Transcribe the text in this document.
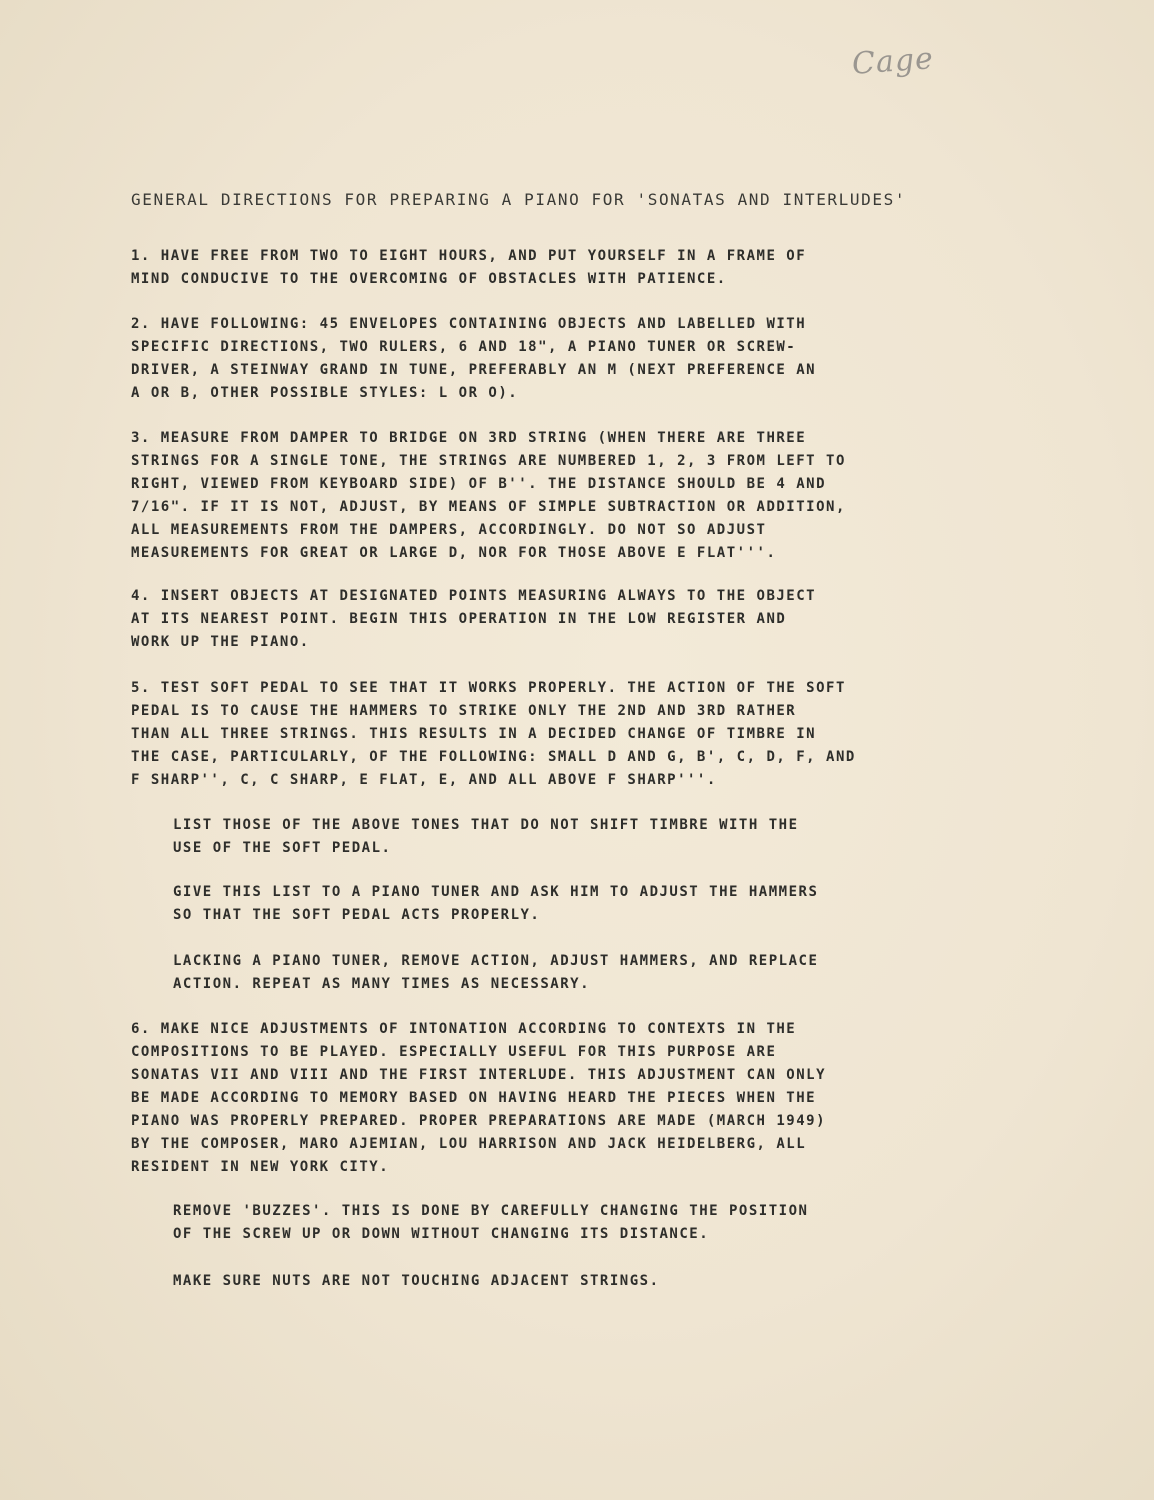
Cage
GENERAL DIRECTIONS FOR PREPARING A PIANO FOR 'SONATAS AND INTERLUDES'
1. HAVE FREE FROM TWO TO EIGHT HOURS, AND PUT YOURSELF IN A FRAME OF
MIND CONDUCIVE TO THE OVERCOMING OF OBSTACLES WITH PATIENCE.
2. HAVE FOLLOWING: 45 ENVELOPES CONTAINING OBJECTS AND LABELLED WITH
SPECIFIC DIRECTIONS, TWO RULERS, 6 AND 18", A PIANO TUNER OR SCREW-
DRIVER, A STEINWAY GRAND IN TUNE, PREFERABLY AN M (NEXT PREFERENCE AN
A OR B, OTHER POSSIBLE STYLES: L OR O).
3. MEASURE FROM DAMPER TO BRIDGE ON 3RD STRING (WHEN THERE ARE THREE
STRINGS FOR A SINGLE TONE, THE STRINGS ARE NUMBERED 1, 2, 3 FROM LEFT TO
RIGHT, VIEWED FROM KEYBOARD SIDE) OF B''. THE DISTANCE SHOULD BE 4 AND
7/16". IF IT IS NOT, ADJUST, BY MEANS OF SIMPLE SUBTRACTION OR ADDITION,
ALL MEASUREMENTS FROM THE DAMPERS, ACCORDINGLY. DO NOT SO ADJUST
MEASUREMENTS FOR GREAT OR LARGE D, NOR FOR THOSE ABOVE E FLAT'''.
4. INSERT OBJECTS AT DESIGNATED POINTS MEASURING ALWAYS TO THE OBJECT
AT ITS NEAREST POINT. BEGIN THIS OPERATION IN THE LOW REGISTER AND
WORK UP THE PIANO.
5. TEST SOFT PEDAL TO SEE THAT IT WORKS PROPERLY. THE ACTION OF THE SOFT
PEDAL IS TO CAUSE THE HAMMERS TO STRIKE ONLY THE 2ND AND 3RD RATHER
THAN ALL THREE STRINGS. THIS RESULTS IN A DECIDED CHANGE OF TIMBRE IN
THE CASE, PARTICULARLY, OF THE FOLLOWING: SMALL D AND G, B', C, D, F, AND
F SHARP'', C, C SHARP, E FLAT, E, AND ALL ABOVE F SHARP'''.
LIST THOSE OF THE ABOVE TONES THAT DO NOT SHIFT TIMBRE WITH THE
USE OF THE SOFT PEDAL.
GIVE THIS LIST TO A PIANO TUNER AND ASK HIM TO ADJUST THE HAMMERS
SO THAT THE SOFT PEDAL ACTS PROPERLY.
LACKING A PIANO TUNER, REMOVE ACTION, ADJUST HAMMERS, AND REPLACE
ACTION. REPEAT AS MANY TIMES AS NECESSARY.
6. MAKE NICE ADJUSTMENTS OF INTONATION ACCORDING TO CONTEXTS IN THE
COMPOSITIONS TO BE PLAYED. ESPECIALLY USEFUL FOR THIS PURPOSE ARE
SONATAS VII AND VIII AND THE FIRST INTERLUDE. THIS ADJUSTMENT CAN ONLY
BE MADE ACCORDING TO MEMORY BASED ON HAVING HEARD THE PIECES WHEN THE
PIANO WAS PROPERLY PREPARED. PROPER PREPARATIONS ARE MADE (MARCH 1949)
BY THE COMPOSER, MARO AJEMIAN, LOU HARRISON AND JACK HEIDELBERG, ALL
RESIDENT IN NEW YORK CITY.
REMOVE 'BUZZES'. THIS IS DONE BY CAREFULLY CHANGING THE POSITION
OF THE SCREW UP OR DOWN WITHOUT CHANGING ITS DISTANCE.
MAKE SURE NUTS ARE NOT TOUCHING ADJACENT STRINGS.
